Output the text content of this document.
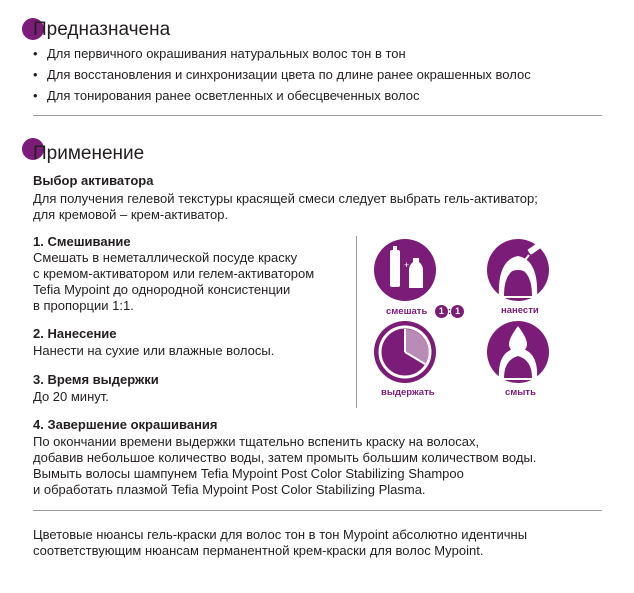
Предназначена
• Для первичного окрашивания натуральных волос тон в тон
• Для восстановления и синхронизации цвета по длине ранее окрашенных волос
• Для тонирования ранее осветленных и обесцвеченных волос
Применение
Выбор активатора
Для получения гелевой текстуры красящей смеси следует выбрать гель-активатор;
для кремовой – крем-активатор.
1. Смешивание
Смешать в неметаллической посуде краску
с кремом-активатором или гелем-активатором
Tefia Mypoint до однородной консистенции
в пропорции 1:1.
2. Нанесение
Нанести на сухие или влажные волосы.
3. Время выдержки
До 20 минут.
4. Завершение окрашивания
По окончании времени выдержки тщательно вспенить краску на волосах,
добавив небольшое количество воды, затем промыть большим количеством воды.
Вымыть волосы шампунем Tefia Mypoint Post Color Stabilizing Shampoo
и обработать плазмой Tefia Mypoint Post Color Stabilizing Plasma.
+
смешать 1 : 1	нанести
выдержать	смыть
Цветовые нюансы гель-краски для волос тон в тон Mypoint абсолютно идентичны
соответствующим нюансам перманентной крем-краски для волос Mypoint.
